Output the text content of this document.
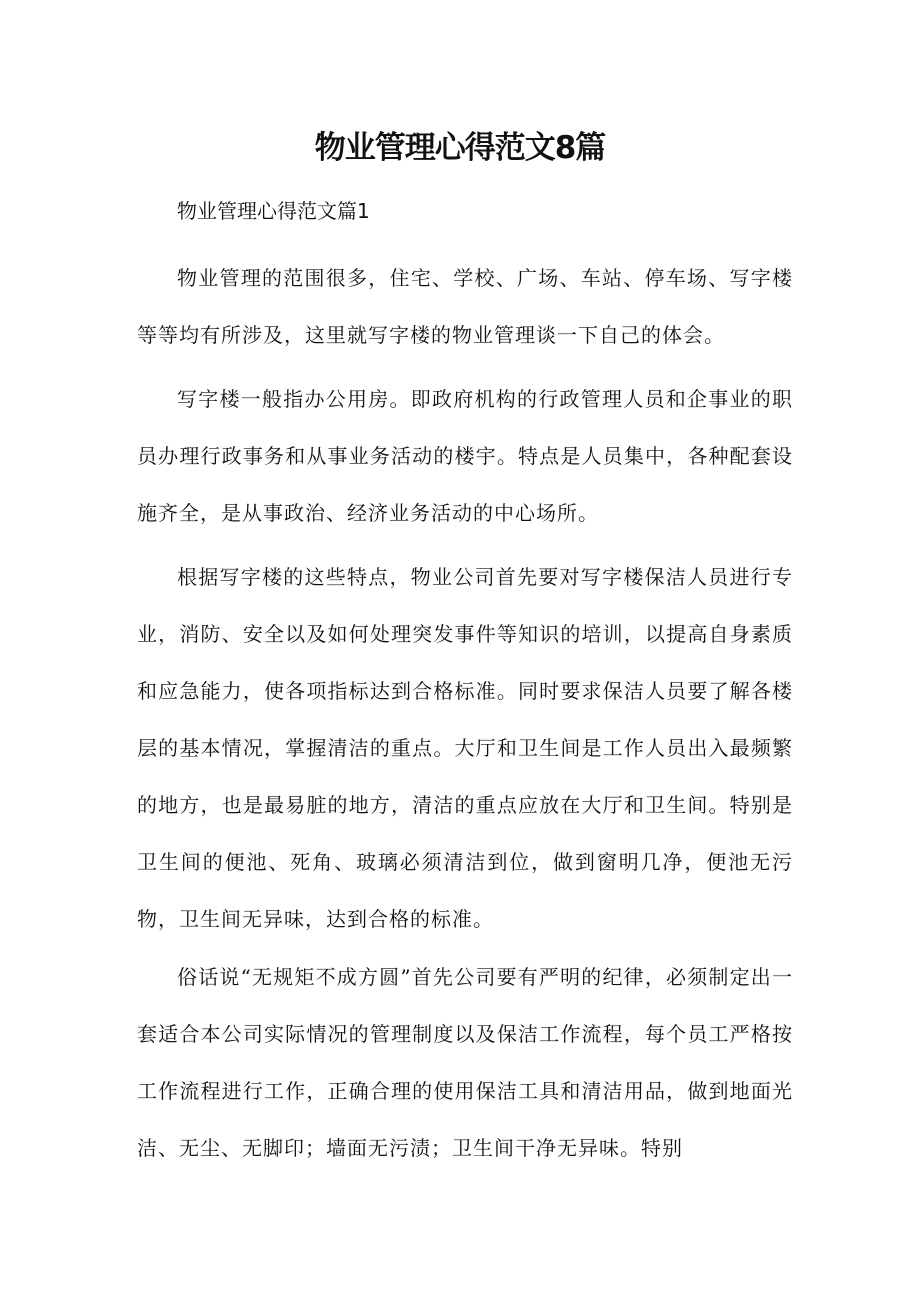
物业管理心得范文8篇
物业管理心得范文篇1

物业管理的范围很多，住宅、学校、广场、车站、停车场、写字楼等等均有所涉及，这里就写字楼的物业管理谈一下自己的体会。

写字楼一般指办公用房。即政府机构的行政管理人员和企事业的职员办理行政事务和从事业务活动的楼宇。特点是人员集中，各种配套设施齐全，是从事政治、经济业务活动的中心场所。

根据写字楼的这些特点，物业公司首先要对写字楼保洁人员进行专业，消防、安全以及如何处理突发事件等知识的培训，以提高自身素质和应急能力，使各项指标达到合格标准。同时要求保洁人员要了解各楼层的基本情况，掌握清洁的重点。大厅和卫生间是工作人员出入最频繁的地方，也是最易脏的地方，清洁的重点应放在大厅和卫生间。特别是卫生间的便池、死角、玻璃必须清洁到位，做到窗明几净，便池无污物，卫生间无异味，达到合格的标准。

俗话说“无规矩不成方圆”首先公司要有严明的纪律，必须制定出一套适合本公司实际情况的管理制度以及保洁工作流程，每个员工严格按工作流程进行工作，正确合理的使用保洁工具和清洁用品，做到地面光洁、无尘、无脚印；墙面无污渍；卫生间干净无异味。特别
